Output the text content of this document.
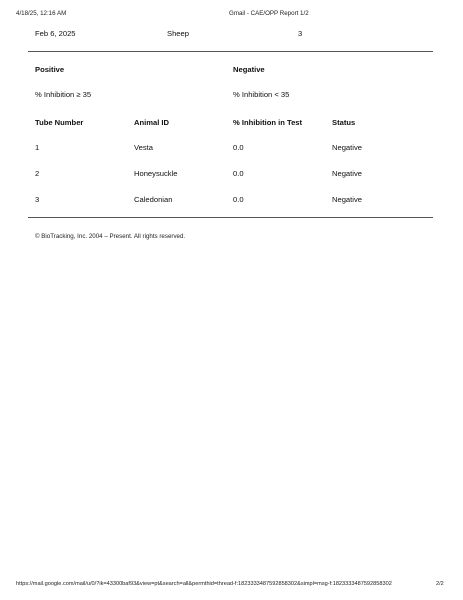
4/18/25, 12:16 AM	Gmail - CAE/OPP Report 1/2
Feb 6, 2025	Sheep	3
Positive	Negative
% Inhibition ≥ 35	% Inhibition < 35
Tube Number	Animal ID	% Inhibition in Test	Status
1	Vesta	0.0	Negative
2	Honeysuckle	0.0	Negative
3	Caledonian	0.0	Negative
© BioTracking, Inc. 2004 – Present. All rights reserved.
https://mail.google.com/mail/u/0/?ik=43300baf93&view=pt&search=all&permthid=thread-f:1823333487592858302&simpl=msg-f:1823333487592858302	2/2
